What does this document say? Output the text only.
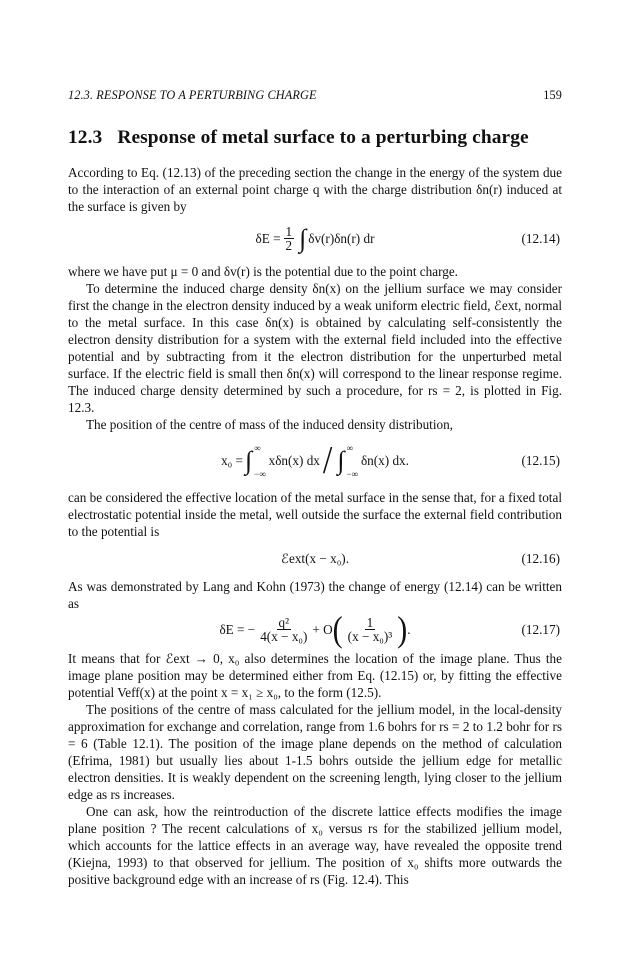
12.3. RESPONSE TO A PERTURBING CHARGE	159
12.3 Response of metal surface to a perturbing charge

According to Eq. (12.13) of the preceding section the change in the energy of the system due to the interaction of an external point charge q with the charge distribution δn(r) induced at the surface is given by

$\delta E = \frac{1}{2}$ ∫ δv(r)δn(r) dr	(12.14)

where we have put μ = 0 and δv(r) is the potential due to the point charge.

To determine the induced charge density δn(x) on the jellium surface we may consider first the change in the electron density induced by a weak uniform electric field, ℰext, normal to the metal surface. In this case δn(x) is obtained by calculating self-consistently the electron density distribution for a system with the external field included into the effective potential and by subtracting from it the electron distribution for the unperturbed metal surface. If the electric field is small then δn(x) will correspond to the linear response regime. The induced charge density determined by such a procedure, for rs = 2, is plotted in Fig. 12.3.

The position of the centre of mass of the induced density distribution,

x₀ = ∫ ∞
−∞
xδn(x) dx / ∫ ∞
−∞
δn(x) dx.	(12.15)

can be considered the effective location of the metal surface in the sense that, for a fixed total electrostatic potential inside the metal, well outside the surface the external field contribution to the potential is

ℰext(x − x₀).	(12.16)

As was demonstrated by Lang and Kohn (1973) the change of energy (12.14) can be written as

δE = − $\frac{\text{q²}}{\text{4(x − x₀)}} + O$ ( $\frac{1}{\text{(x − x₀)³}}$ ) .	(12.17)

It means that for ℰext → 0, x₀ also determines the location of the image plane. Thus the image plane position may be determined either from Eq. (12.15) or, by fitting the effective potential Veff(x) at the point x = x₁ ≥ x₀, to the form (12.5).

The positions of the centre of mass calculated for the jellium model, in the local-density approximation for exchange and correlation, range from 1.6 bohrs for rs = 2 to 1.2 bohr for rs = 6 (Table 12.1). The position of the image plane depends on the method of calculation (Efrima, 1981) but usually lies about 1-1.5 bohrs outside the jellium edge for metallic electron densities. It is weakly dependent on the screening length, lying closer to the jellium edge as rs increases.

One can ask, how the reintroduction of the discrete lattice effects modifies the image plane position ? The recent calculations of x₀ versus rs for the stabilized jellium model, which accounts for the lattice effects in an average way, have revealed the opposite trend (Kiejna, 1993) to that observed for jellium. The position of x₀ shifts more outwards the positive background edge with an increase of rs (Fig. 12.4). This
